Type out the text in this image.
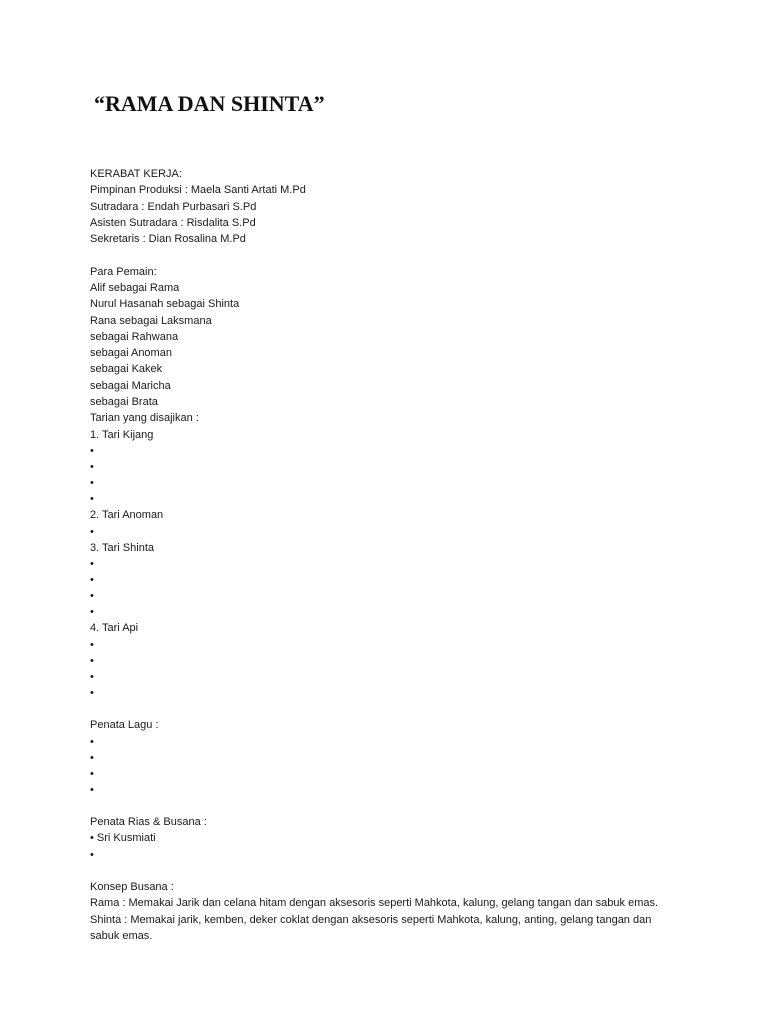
“RAMA DAN SHINTA”
KERABAT KERJA:
Pimpinan Produksi : Maela Santi Artati M.Pd
Sutradara : Endah Purbasari S.Pd
Asisten Sutradara : Risdalita S.Pd
Sekretaris : Dian Rosalina M.Pd
Para Pemain:
Alif sebagai Rama
Nurul Hasanah sebagai Shinta
Rana sebagai Laksmana
sebagai Rahwana
sebagai Anoman
sebagai Kakek
sebagai Maricha
sebagai Brata
Tarian yang disajikan :
1. Tari Kijang
•
•
•
•
2. Tari Anoman
•
3. Tari Shinta
•
•
•
•
4. Tari Api
•
•
•
•
Penata Lagu :
•
•
•
•
Penata Rias & Busana :
• Sri Kusmiati
•
Konsep Busana :
Rama : Memakai Jarik dan celana hitam dengan aksesoris seperti Mahkota, kalung, gelang tangan dan sabuk emas.
Shinta : Memakai jarik, kemben, deker coklat dengan aksesoris seperti Mahkota, kalung, anting, gelang tangan dan sabuk emas.
